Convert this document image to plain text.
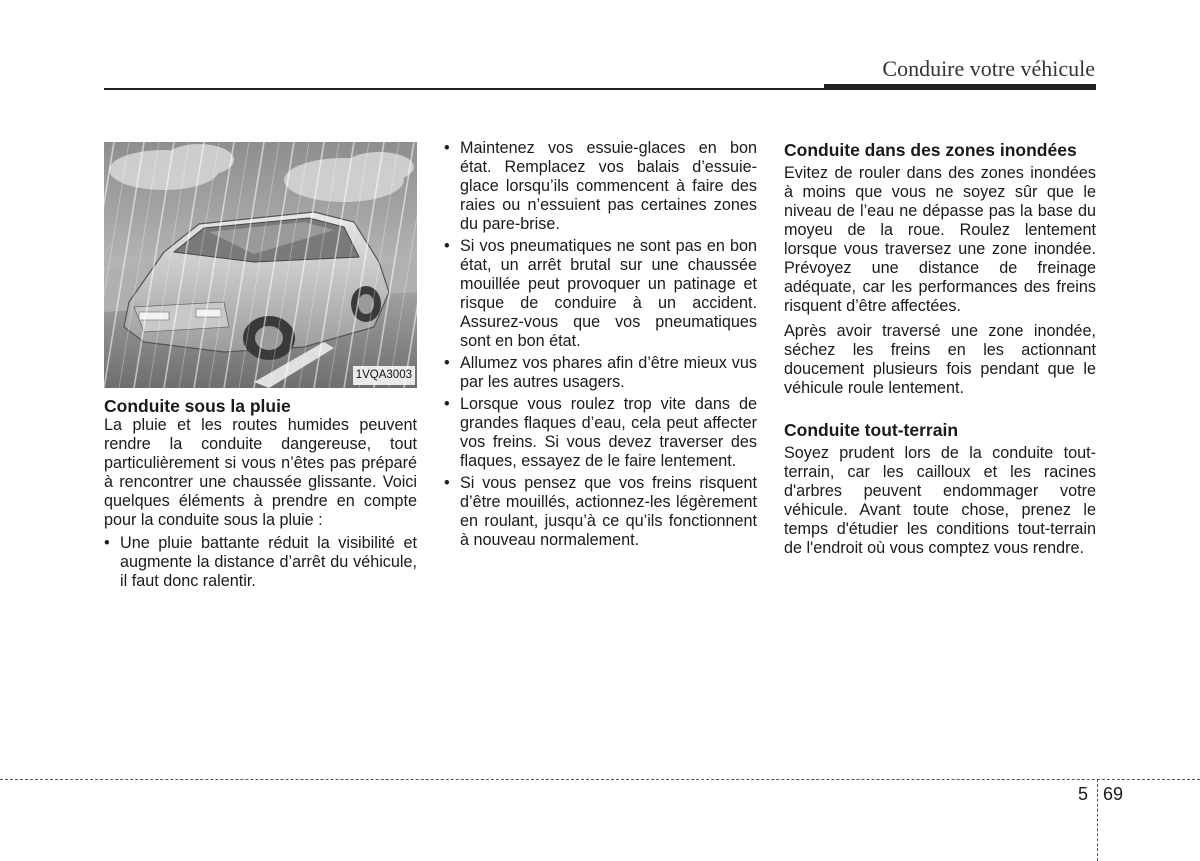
Conduire votre véhicule
1VQA3003
Conduite sous la pluie

La pluie et les routes humides peuvent rendre la conduite dangereuse, tout particulièrement si vous n’êtes pas préparé à rencontrer une chaussée glissante. Voici quelques éléments à prendre en compte pour la conduite sous la pluie :

• Une pluie battante réduit la visibilité et augmente la distance d’arrêt du véhicule, il faut donc ralentir.
• Maintenez vos essuie-glaces en bon état. Remplacez vos balais d’essuie-glace lorsqu’ils commencent à faire des raies ou n’essuient pas certaines zones du pare-brise.
• Si vos pneumatiques ne sont pas en bon état, un arrêt brutal sur une chaussée mouillée peut provoquer un patinage et risque de conduire à un accident. Assurez-vous que vos pneumatiques sont en bon état.
• Allumez vos phares afin d’être mieux vus par les autres usagers.
• Lorsque vous roulez trop vite dans de grandes flaques d’eau, cela peut affecter vos freins. Si vous devez traverser des flaques, essayez de le faire lentement.
• Si vous pensez que vos freins risquent d’être mouillés, actionnez-les légèrement en roulant, jusqu’à ce qu’ils fonctionnent à nouveau normalement.
Conduite dans des zones inondées

Evitez de rouler dans des zones inondées à moins que vous ne soyez sûr que le niveau de l’eau ne dépasse pas la base du moyeu de la roue. Roulez lentement lorsque vous traversez une zone inondée. Prévoyez une distance de freinage adéquate, car les performances des freins risquent d’être affectées.

Après avoir traversé une zone inondée, séchez les freins en les actionnant doucement plusieurs fois pendant que le véhicule roule lentement.

Conduite tout-terrain

Soyez prudent lors de la conduite tout-terrain, car les cailloux et les racines d'arbres peuvent endommager votre véhicule. Avant toute chose, prenez le temps d'étudier les conditions tout-terrain de l'endroit où vous comptez vous rendre.

5 69
